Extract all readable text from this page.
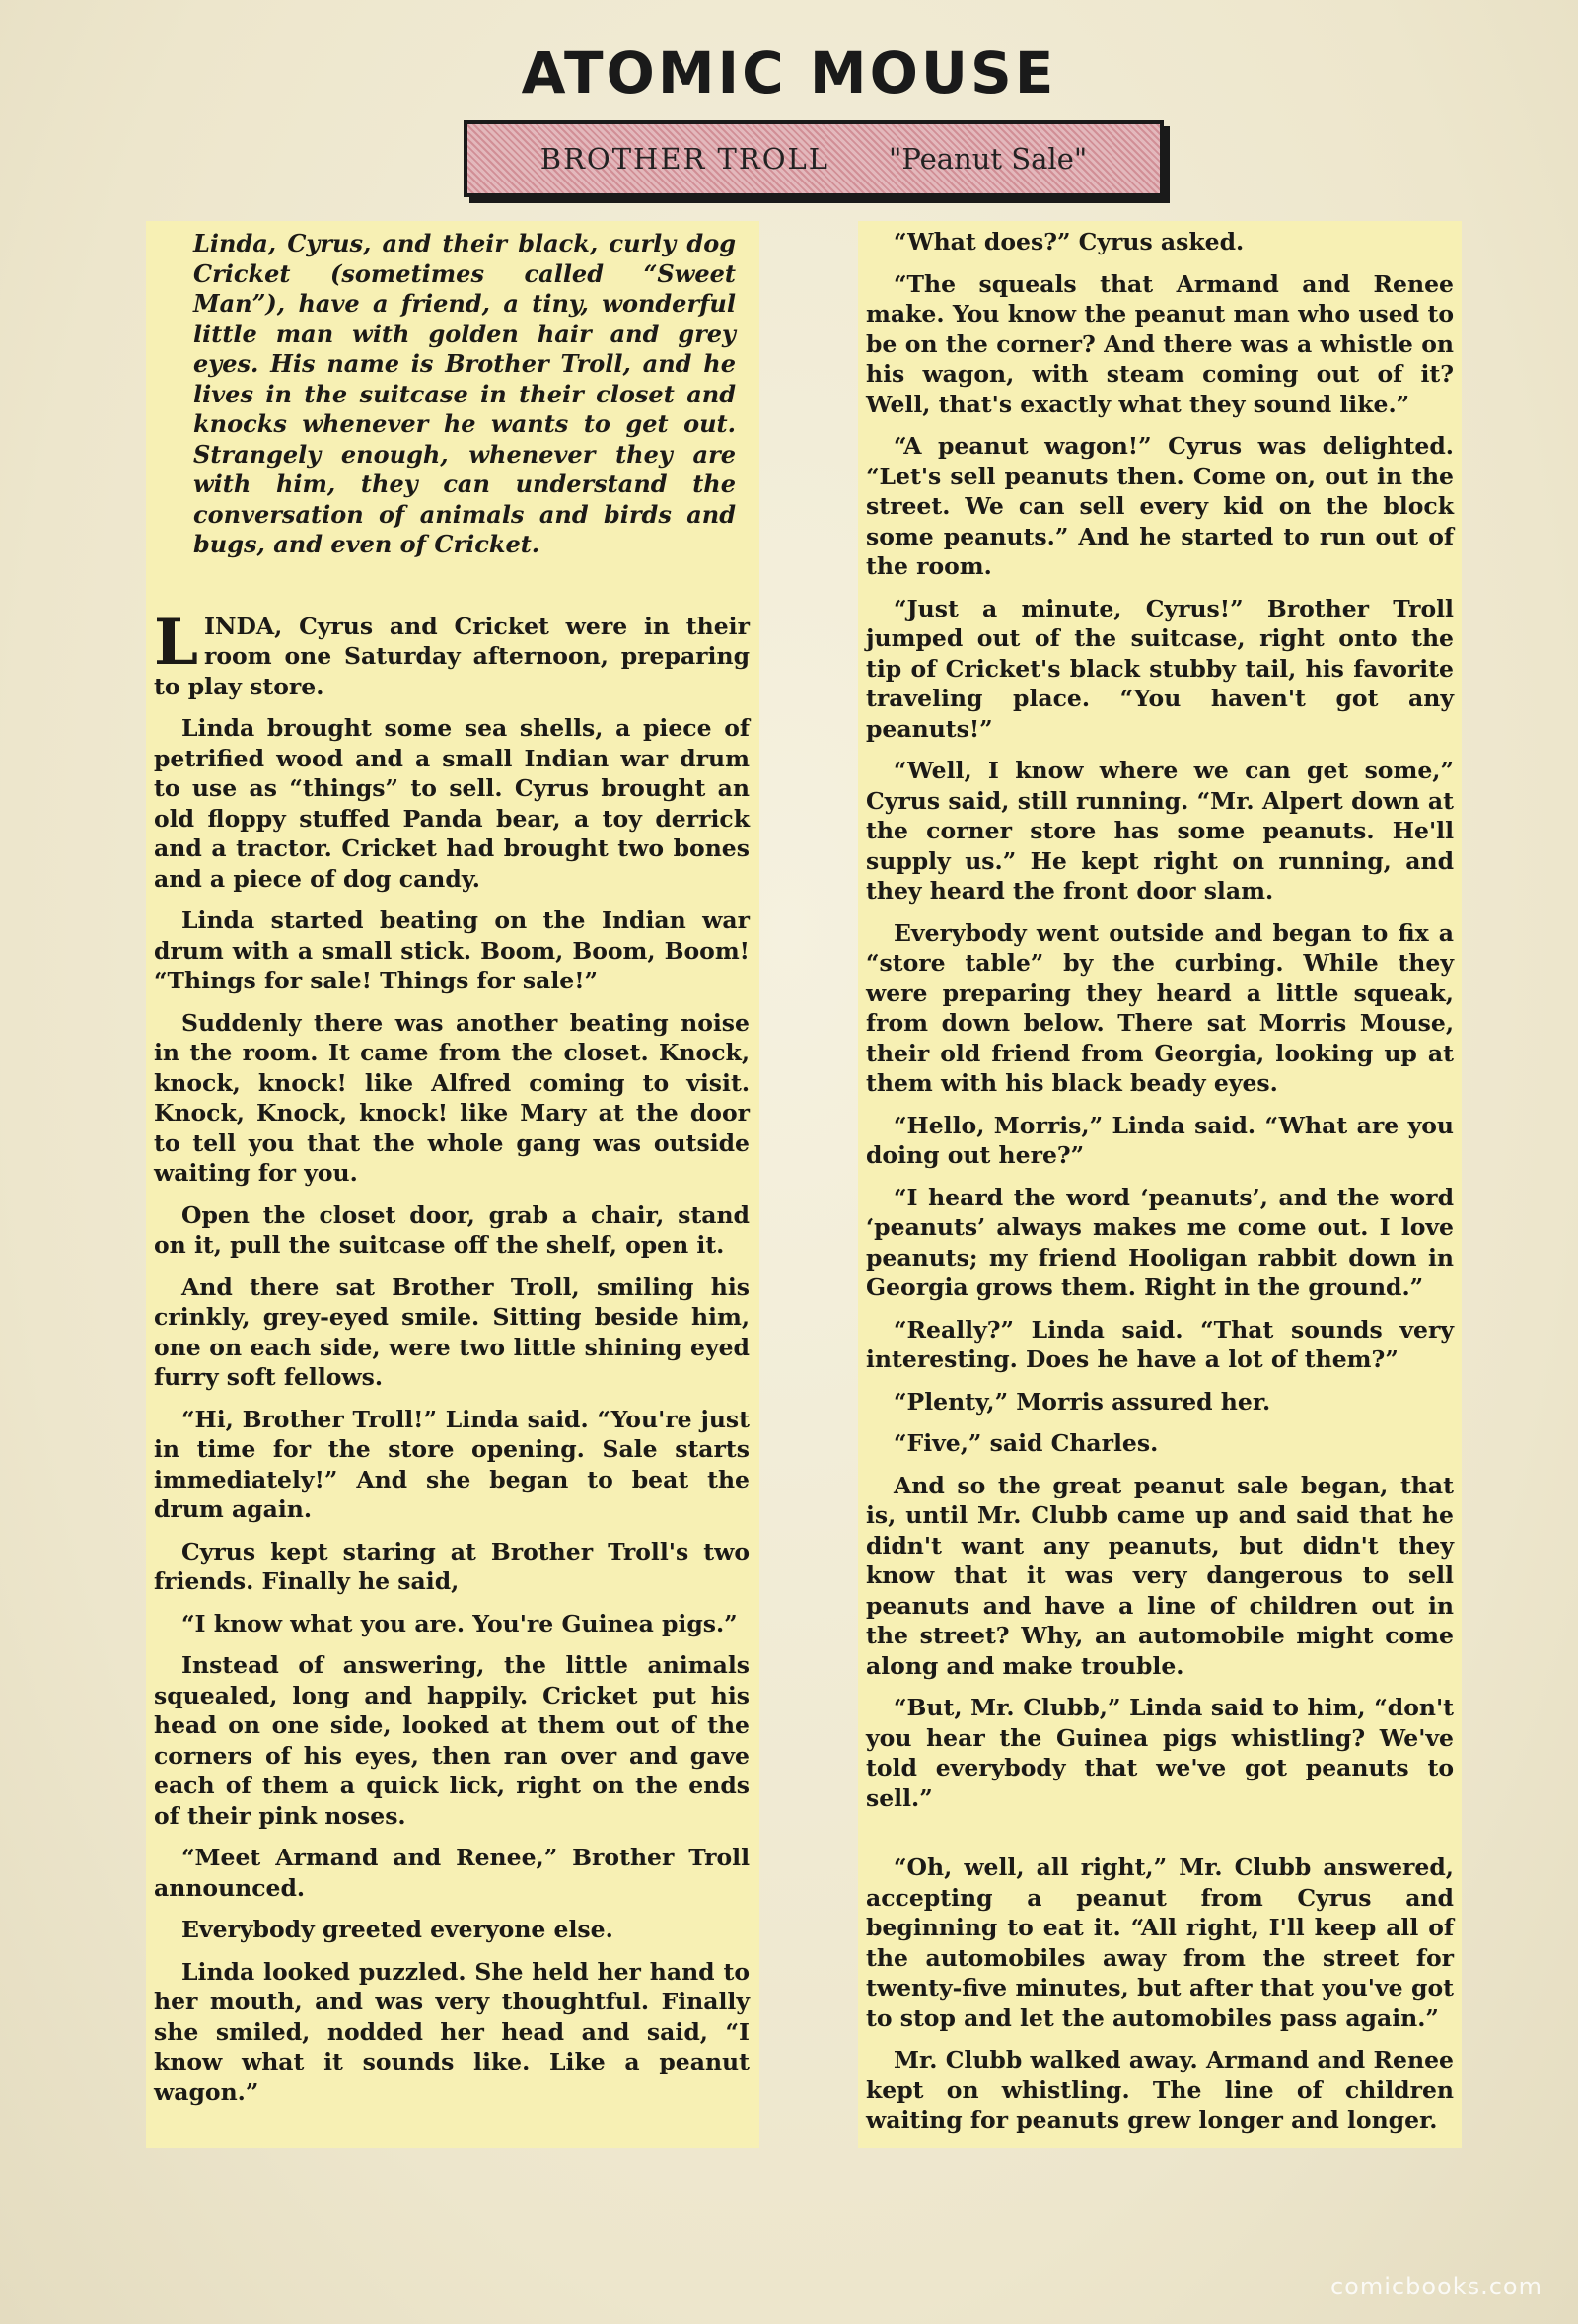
ATOMIC MOUSE
BROTHER TROLL "Peanut Sale"

Linda, Cyrus, and their black, curly dog Cricket (sometimes called “Sweet Man”), have a friend, a tiny, wonderful little man with golden hair and grey eyes. His name is Brother Troll, and he lives in the suitcase in their closet and knocks whenever he wants to get out. Strangely enough, whenever they are with him, they can understand the conversation of animals and birds and bugs, and even of Cricket.

LINDA, Cyrus and Cricket were in their room one Saturday afternoon, preparing to play store.

Linda brought some sea shells, a piece of petrified wood and a small Indian war drum to use as “things” to sell. Cyrus brought an old floppy stuffed Panda bear, a toy derrick and a tractor. Cricket had brought two bones and a piece of dog candy.

Linda started beating on the Indian war drum with a small stick. Boom, Boom, Boom! “Things for sale! Things for sale!”

Suddenly there was another beating noise in the room. It came from the closet. Knock, knock, knock! like Alfred coming to visit. Knock, Knock, knock! like Mary at the door to tell you that the whole gang was outside waiting for you.

Open the closet door, grab a chair, stand on it, pull the suitcase off the shelf, open it.

And there sat Brother Troll, smiling his crinkly, grey-eyed smile. Sitting beside him, one on each side, were two little shining eyed furry soft fellows.

“Hi, Brother Troll!” Linda said. “You're just in time for the store opening. Sale starts immediately!” And she began to beat the drum again.

Cyrus kept staring at Brother Troll's two friends. Finally he said,

“I know what you are. You're Guinea pigs.”

Instead of answering, the little animals squealed, long and happily. Cricket put his head on one side, looked at them out of the corners of his eyes, then ran over and gave each of them a quick lick, right on the ends of their pink noses.

“Meet Armand and Renee,” Brother Troll announced.

Everybody greeted everyone else.

Linda looked puzzled. She held her hand to her mouth, and was very thoughtful. Finally she smiled, nodded her head and said, “I know what it sounds like. Like a peanut wagon.”

“What does?” Cyrus asked.

“The squeals that Armand and Renee make. You know the peanut man who used to be on the corner? And there was a whistle on his wagon, with steam coming out of it? Well, that's exactly what they sound like.”

“A peanut wagon!” Cyrus was delighted. “Let's sell peanuts then. Come on, out in the street. We can sell every kid on the block some peanuts.” And he started to run out of the room.

“Just a minute, Cyrus!” Brother Troll jumped out of the suitcase, right onto the tip of Cricket's black stubby tail, his favorite traveling place. “You haven't got any peanuts!”

“Well, I know where we can get some,” Cyrus said, still running. “Mr. Alpert down at the corner store has some peanuts. He'll supply us.” He kept right on running, and they heard the front door slam.

Everybody went outside and began to fix a “store table” by the curbing. While they were preparing they heard a little squeak, from down below. There sat Morris Mouse, their old friend from Georgia, looking up at them with his black beady eyes.

“Hello, Morris,” Linda said. “What are you doing out here?”

“I heard the word ‘peanuts’, and the word ‘peanuts’ always makes me come out. I love peanuts; my friend Hooligan rabbit down in Georgia grows them. Right in the ground.”

“Really?” Linda said. “That sounds very interesting. Does he have a lot of them?”

“Plenty,” Morris assured her.

“Five,” said Charles.

And so the great peanut sale began, that is, until Mr. Clubb came up and said that he didn't want any peanuts, but didn't they know that it was very dangerous to sell peanuts and have a line of children out in the street? Why, an automobile might come along and make trouble.

“But, Mr. Clubb,” Linda said to him, “don't you hear the Guinea pigs whistling? We've told everybody that we've got peanuts to sell.”

“Oh, well, all right,” Mr. Clubb answered, accepting a peanut from Cyrus and beginning to eat it. “All right, I'll keep all of the automobiles away from the street for twenty-five minutes, but after that you've got to stop and let the automobiles pass again.”

Mr. Clubb walked away. Armand and Renee kept on whistling. The line of children waiting for peanuts grew longer and longer.

comicbooks.com
